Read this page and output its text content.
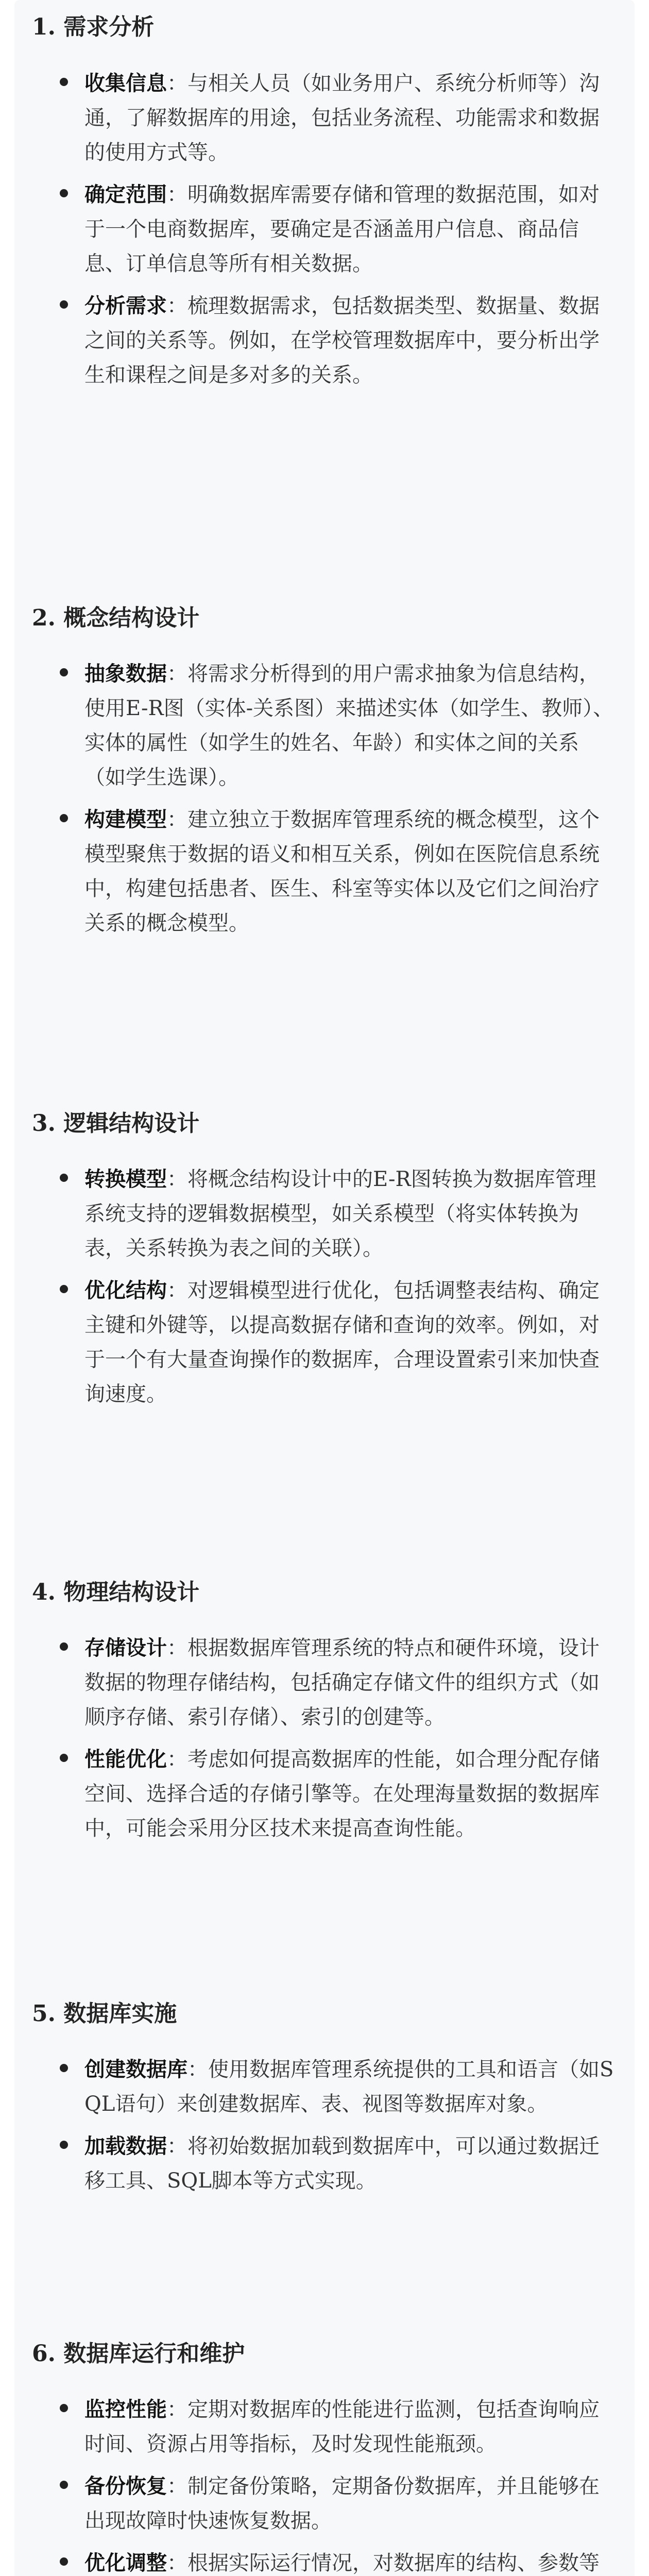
1. 需求分析
收集信息：与相关人员（如业务用户、系统分析师等）沟通，了解数据库的用途，包括业务流程、功能需求和数据的使用方式等。
确定范围：明确数据库需要存储和管理的数据范围，如对于一个电商数据库，要确定是否涵盖用户信息、商品信息、订单信息等所有相关数据。
分析需求：梳理数据需求，包括数据类型、数据量、数据之间的关系等。例如，在学校管理数据库中，要分析出学生和课程之间是多对多的关系。
2. 概念结构设计
抽象数据：将需求分析得到的用户需求抽象为信息结构，使用E-R图（实体-关系图）来描述实体（如学生、教师）、实体的属性（如学生的姓名、年龄）和实体之间的关系（如学生选课）。
构建模型：建立独立于数据库管理系统的概念模型，这个模型聚焦于数据的语义和相互关系，例如在医院信息系统中，构建包括患者、医生、科室等实体以及它们之间治疗关系的概念模型。
3. 逻辑结构设计
转换模型：将概念结构设计中的E-R图转换为数据库管理系统支持的逻辑数据模型，如关系模型（将实体转换为表，关系转换为表之间的关联）。
优化结构：对逻辑模型进行优化，包括调整表结构、确定主键和外键等，以提高数据存储和查询的效率。例如，对于一个有大量查询操作的数据库，合理设置索引来加快查询速度。
4. 物理结构设计
存储设计：根据数据库管理系统的特点和硬件环境，设计数据的物理存储结构，包括确定存储文件的组织方式（如顺序存储、索引存储）、索引的创建等。
性能优化：考虑如何提高数据库的性能，如合理分配存储空间、选择合适的存储引擎等。在处理海量数据的数据库中，可能会采用分区技术来提高查询性能。
5. 数据库实施
创建数据库：使用数据库管理系统提供的工具和语言（如SQL语句）来创建数据库、表、视图等数据库对象。
加载数据：将初始数据加载到数据库中，可以通过数据迁移工具、SQL脚本等方式实现。
6. 数据库运行和维护
监控性能：定期对数据库的性能进行监测，包括查询响应时间、资源占用等指标，及时发现性能瓶颈。
备份恢复：制定备份策略，定期备份数据库，并且能够在出现故障时快速恢复数据。
优化调整：根据实际运行情况，对数据库的结构、参数等
